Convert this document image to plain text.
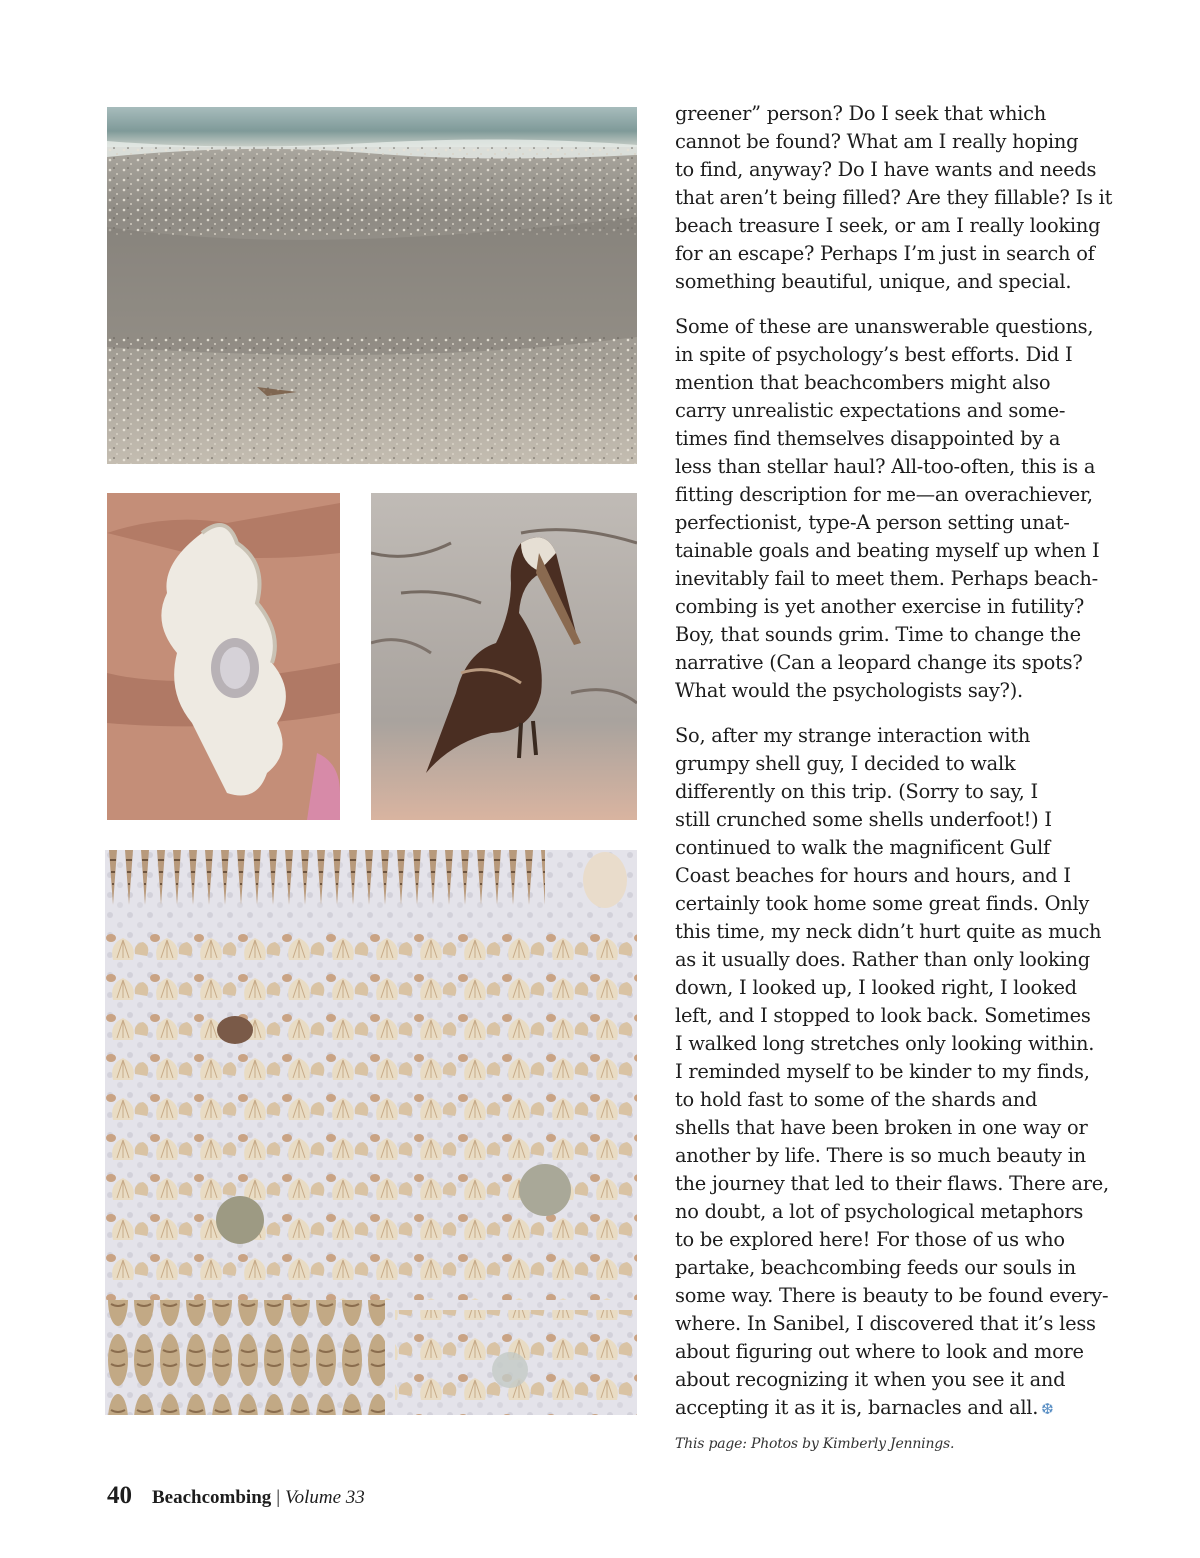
greener” person? Do I seek that which
cannot be found? What am I really hoping
to find, anyway? Do I have wants and needs
that aren’t being filled? Are they fillable? Is it
beach treasure I seek, or am I really looking
for an escape? Perhaps I’m just in search of
something beautiful, unique, and special.

Some of these are unanswerable questions,
in spite of psychology’s best efforts. Did I
mention that beachcombers might also
carry unrealistic expectations and some-
times find themselves disappointed by a
less than stellar haul? All-too-often, this is a
fitting description for me—an overachiever,
perfectionist, type-A person setting unat-
tainable goals and beating myself up when I
inevitably fail to meet them. Perhaps beach-
combing is yet another exercise in futility?
Boy, that sounds grim. Time to change the
narrative (Can a leopard change its spots?
What would the psychologists say?).

So, after my strange interaction with
grumpy shell guy, I decided to walk
differently on this trip. (Sorry to say, I
still crunched some shells underfoot!) I
continued to walk the magnificent Gulf
Coast beaches for hours and hours, and I
certainly took home some great finds. Only
this time, my neck didn’t hurt quite as much
as it usually does. Rather than only looking
down, I looked up, I looked right, I looked
left, and I stopped to look back. Sometimes
I walked long stretches only looking within.
I reminded myself to be kinder to my finds,
to hold fast to some of the shards and
shells that have been broken in one way or
another by life. There is so much beauty in
the journey that led to their flaws. There are,
no doubt, a lot of psychological metaphors
to be explored here! For those of us who
partake, beachcombing feeds our souls in
some way. There is beauty to be found every-
where. In Sanibel, I discovered that it’s less
about figuring out where to look and more
about recognizing it when you see it and
accepting it as it is, barnacles and all. ❆

This page: Photos by Kimberly Jennings.
40 Beachcombing | Volume 33
